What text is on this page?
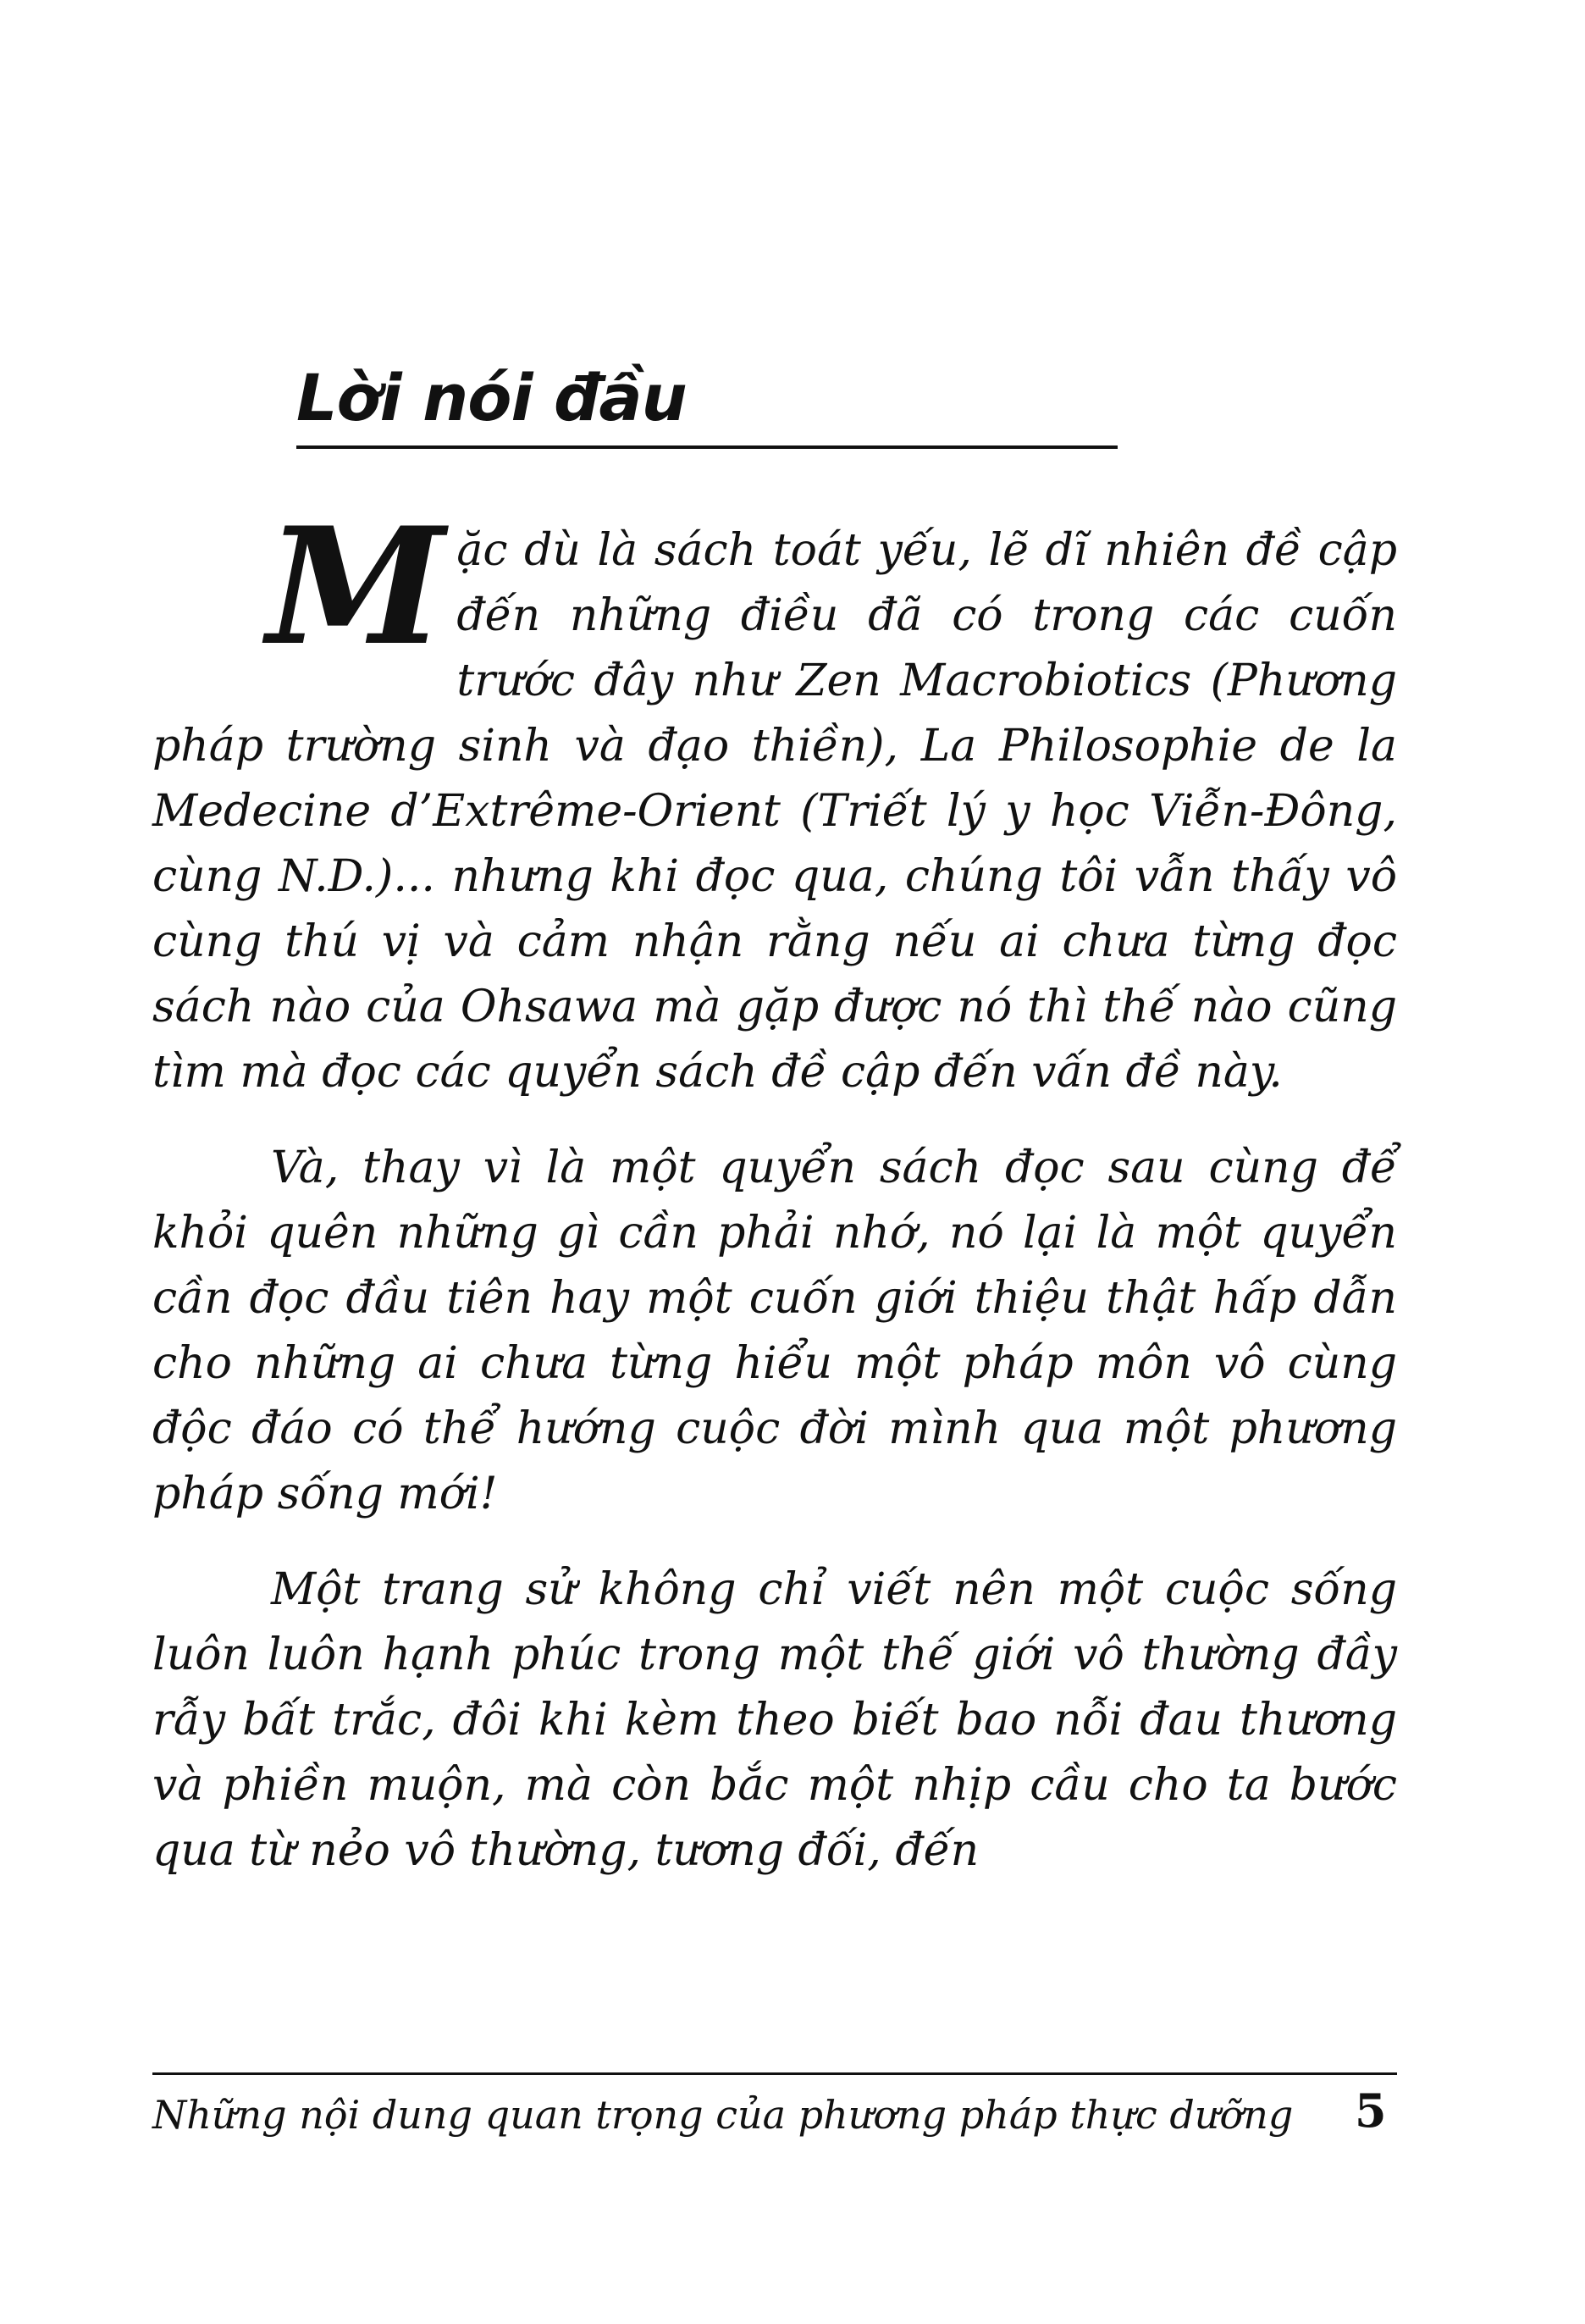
Lời nói đầu

Mặc dù là sách toát yếu, lẽ dĩ nhiên đề cập đến những điều đã có trong các cuốn trước đây như Zen Macrobiotics (Phương pháp trường sinh và đạo thiền), La Philosophie de la Medecine d’Extrême-Orient (Triết lý y học Viễn-Đông, cùng N.D.)... nhưng khi đọc qua, chúng tôi vẫn thấy vô cùng thú vị và cảm nhận rằng nếu ai chưa từng đọc sách nào của Ohsawa mà gặp được nó thì thế nào cũng tìm mà đọc các quyển sách đề cập đến vấn đề này.

Và, thay vì là một quyển sách đọc sau cùng để khỏi quên những gì cần phải nhớ, nó lại là một quyển cần đọc đầu tiên hay một cuốn giới thiệu thật hấp dẫn cho những ai chưa từng hiểu một pháp môn vô cùng độc đáo có thể hướng cuộc đời mình qua một phương pháp sống mới!

Một trang sử không chỉ viết nên một cuộc sống luôn luôn hạnh phúc trong một thế giới vô thường đầy rẫy bất trắc, đôi khi kèm theo biết bao nỗi đau thương và phiền muộn, mà còn bắc một nhịp cầu cho ta bước qua từ nẻo vô thường, tương đối, đến

Những nội dung quan trọng của phương pháp thực dưỡng 5
